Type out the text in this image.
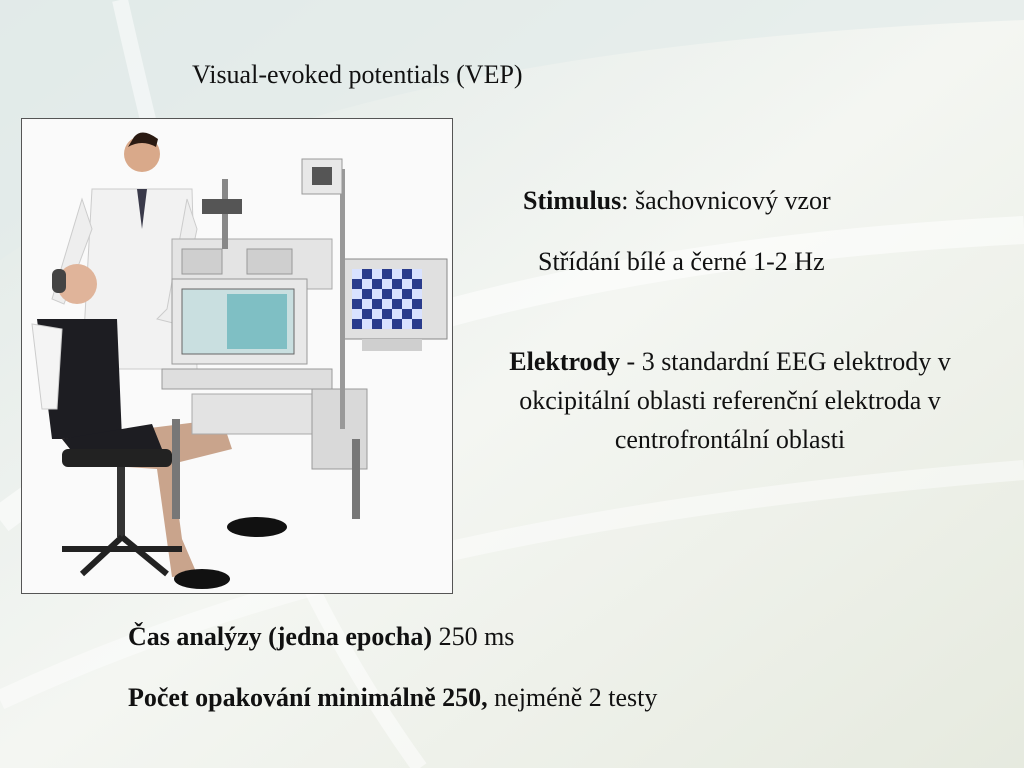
Visual-evoked potentials (VEP)
Stimulus: šachovnicový vzor
Střídání bílé a černé 1-2 Hz
Elektrody - 3 standardní EEG elektrody v okcipitální oblasti referenční elektroda v centrofrontální oblasti
Čas analýzy (jedna epocha) 250 ms
Počet opakování minimálně 250, nejméně 2 testy
